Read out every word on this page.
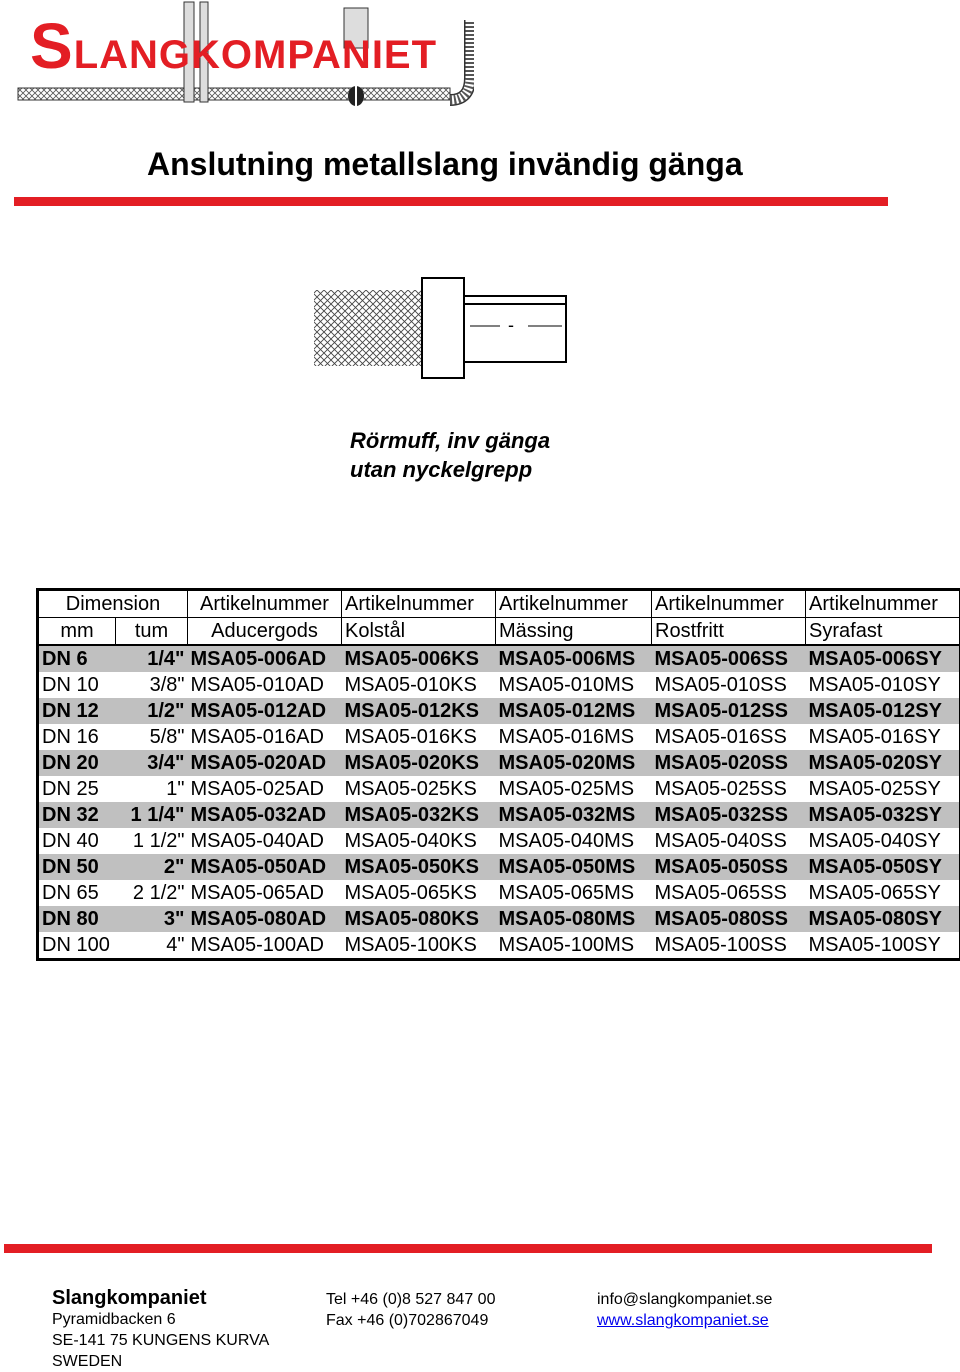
SLANGKOMPANIET
Anslutning metallslang invändig gänga
-
Rörmuff, inv gänga
utan nyckelgrepp
Dimension		Artikelnummer	Artikelnummer	Artikelnummer	Artikelnummer	Artikelnummer
mm	tum	Aducergods	Kolstål	Mässing	Rostfritt	Syrafast
DN 6	1/4"	MSA05-006AD	MSA05-006KS	MSA05-006MS	MSA05-006SS	MSA05-006SY
DN 10	3/8"	MSA05-010AD	MSA05-010KS	MSA05-010MS	MSA05-010SS	MSA05-010SY
DN 12	1/2"	MSA05-012AD	MSA05-012KS	MSA05-012MS	MSA05-012SS	MSA05-012SY
DN 16	5/8"	MSA05-016AD	MSA05-016KS	MSA05-016MS	MSA05-016SS	MSA05-016SY
DN 20	3/4"	MSA05-020AD	MSA05-020KS	MSA05-020MS	MSA05-020SS	MSA05-020SY
DN 25	1"	MSA05-025AD	MSA05-025KS	MSA05-025MS	MSA05-025SS	MSA05-025SY
DN 32	1 1/4"	MSA05-032AD	MSA05-032KS	MSA05-032MS	MSA05-032SS	MSA05-032SY
DN 40	1 1/2"	MSA05-040AD	MSA05-040KS	MSA05-040MS	MSA05-040SS	MSA05-040SY
DN 50	2"	MSA05-050AD	MSA05-050KS	MSA05-050MS	MSA05-050SS	MSA05-050SY
DN 65	2 1/2"	MSA05-065AD	MSA05-065KS	MSA05-065MS	MSA05-065SS	MSA05-065SY
DN 80	3"	MSA05-080AD	MSA05-080KS	MSA05-080MS	MSA05-080SS	MSA05-080SY
DN 100	4"	MSA05-100AD	MSA05-100KS	MSA05-100MS	MSA05-100SS	MSA05-100SY
Slangkompaniet
Pyramidbacken 6
SE-141 75 KUNGENS KURVA
SWEDEN
Tel +46 (0)8 527 847 00
Fax +46 (0)702867049
info@slangkompaniet.se
www.slangkompaniet.se
